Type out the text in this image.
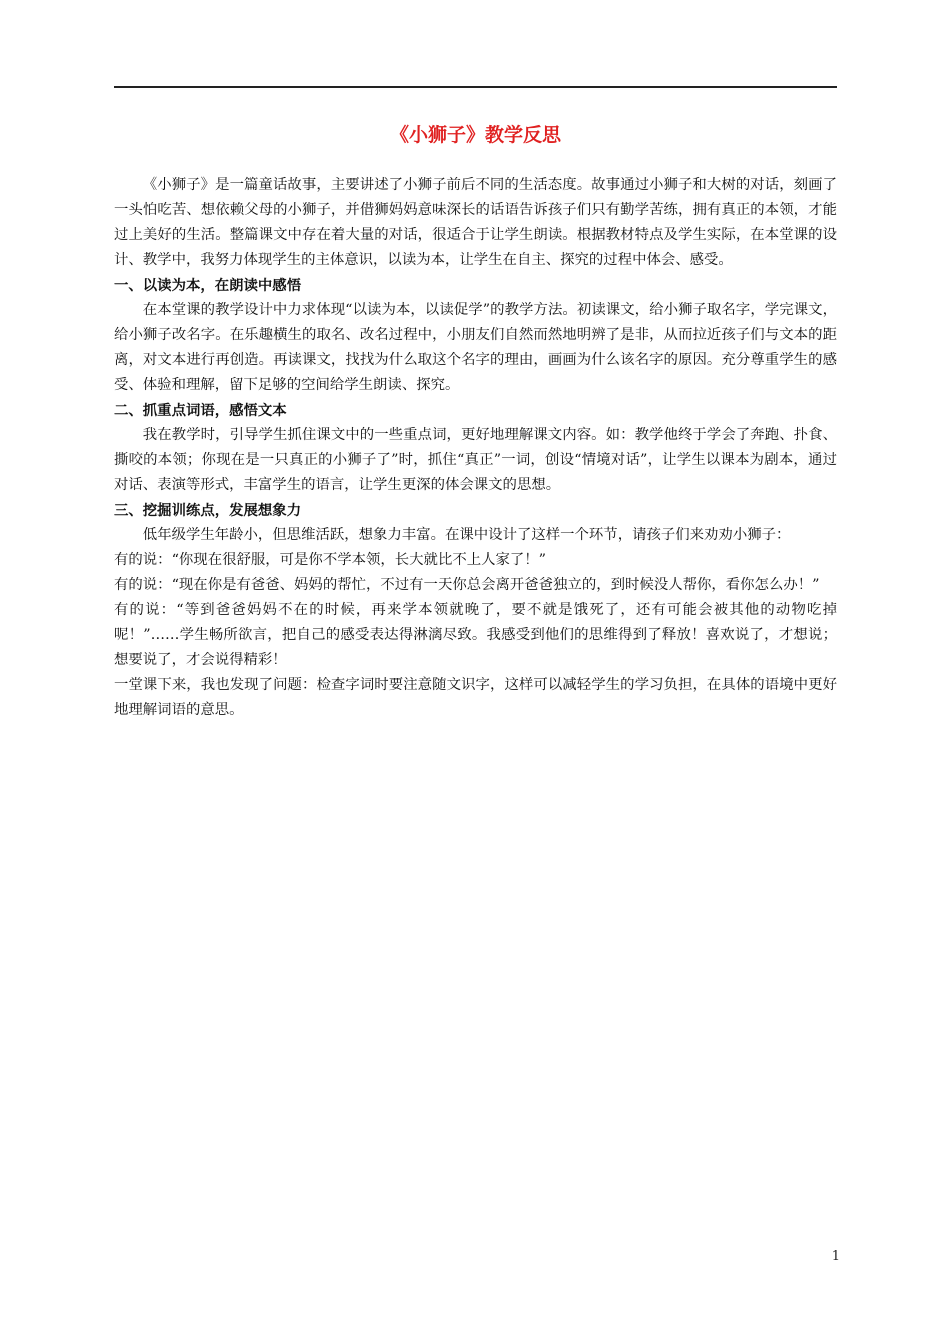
《小狮子》教学反思

《小狮子》是一篇童话故事，主要讲述了小狮子前后不同的生活态度。故事通过小狮子和大树的对话，刻画了一头怕吃苦、想依赖父母的小狮子，并借狮妈妈意味深长的话语告诉孩子们只有勤学苦练，拥有真正的本领，才能过上美好的生活。整篇课文中存在着大量的对话，很适合于让学生朗读。根据教材特点及学生实际，在本堂课的设计、教学中，我努力体现学生的主体意识，以读为本，让学生在自主、探究的过程中体会、感受。

一、以读为本，在朗读中感悟

在本堂课的教学设计中力求体现“以读为本，以读促学”的教学方法。初读课文，给小狮子取名字，学完课文，给小狮子改名字。在乐趣横生的取名、改名过程中，小朋友们自然而然地明辨了是非，从而拉近孩子们与文本的距离，对文本进行再创造。再读课文，找找为什么取这个名字的理由，画画为什么该名字的原因。充分尊重学生的感受、体验和理解，留下足够的空间给学生朗读、探究。

二、抓重点词语，感悟文本

我在教学时，引导学生抓住课文中的一些重点词，更好地理解课文内容。如：教学他终于学会了奔跑、扑食、撕咬的本领；你现在是一只真正的小狮子了”时，抓住“真正”一词，创设“情境对话”，让学生以课本为剧本，通过对话、表演等形式，丰富学生的语言，让学生更深的体会课文的思想。

三、挖掘训练点，发展想象力

低年级学生年龄小，但思维活跃，想象力丰富。在课中设计了这样一个环节，请孩子们来劝劝小狮子：

有的说：“你现在很舒服，可是你不学本领，长大就比不上人家了！”

有的说：“现在你是有爸爸、妈妈的帮忙，不过有一天你总会离开爸爸独立的，到时候没人帮你，看你怎么办！”

有的说：“等到爸爸妈妈不在的时候，再来学本领就晚了，要不就是饿死了，还有可能会被其他的动物吃掉呢！”……学生畅所欲言，把自己的感受表达得淋漓尽致。我感受到他们的思维得到了释放！喜欢说了，才想说；想要说了，才会说得精彩！

一堂课下来，我也发现了问题：检查字词时要注意随文识字，这样可以减轻学生的学习负担，在具体的语境中更好地理解词语的意思。

1
